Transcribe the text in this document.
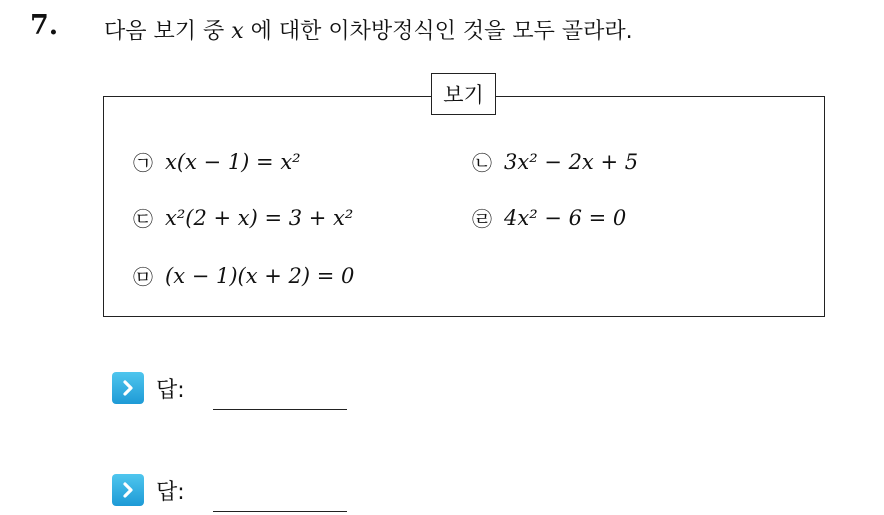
7. 다음 보기 중 x 에 대한 이차방정식인 것을 모두 골라라.
보기
㉠ x(x − 1) = x²	㉡ 3x² − 2x + 5
㉢ x²(2 + x) = 3 + x²	㉣ 4x² − 6 = 0
㉤ (x − 1)(x + 2) = 0
답:
답:
